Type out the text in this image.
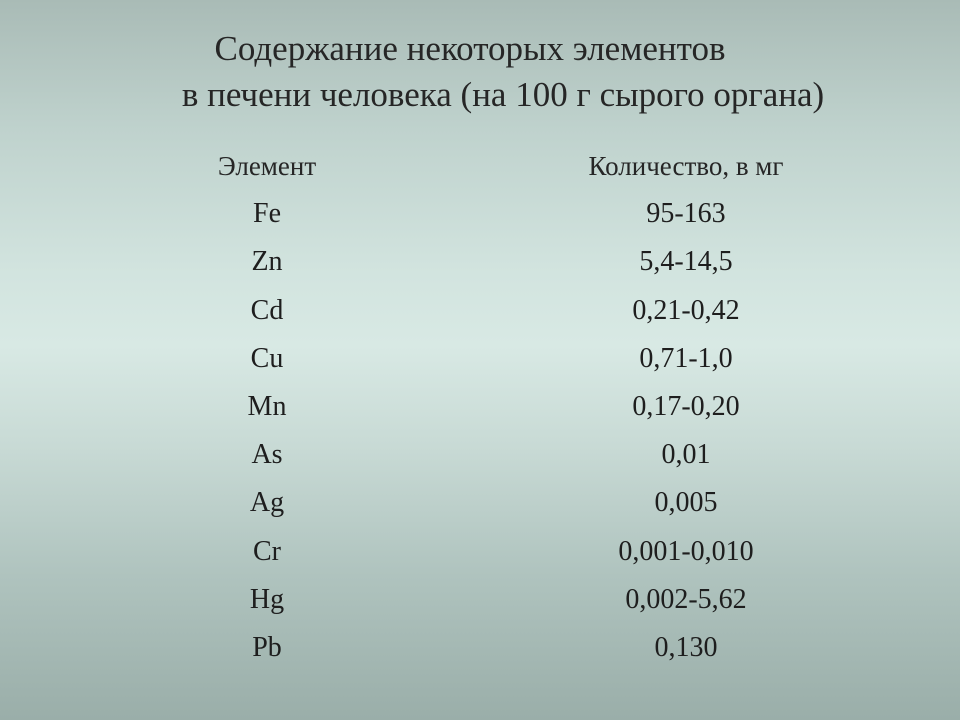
Содержание некоторых элементов
в печени человека (на 100 г сырого органа)
Элемент	Количество, в мг
Fe	95-163
Zn	5,4-14,5
Cd	0,21-0,42
Cu	0,71-1,0
Mn	0,17-0,20
As	0,01
Ag	0,005
Cr	0,001-0,010
Hg	0,002-5,62
Pb	0,130
